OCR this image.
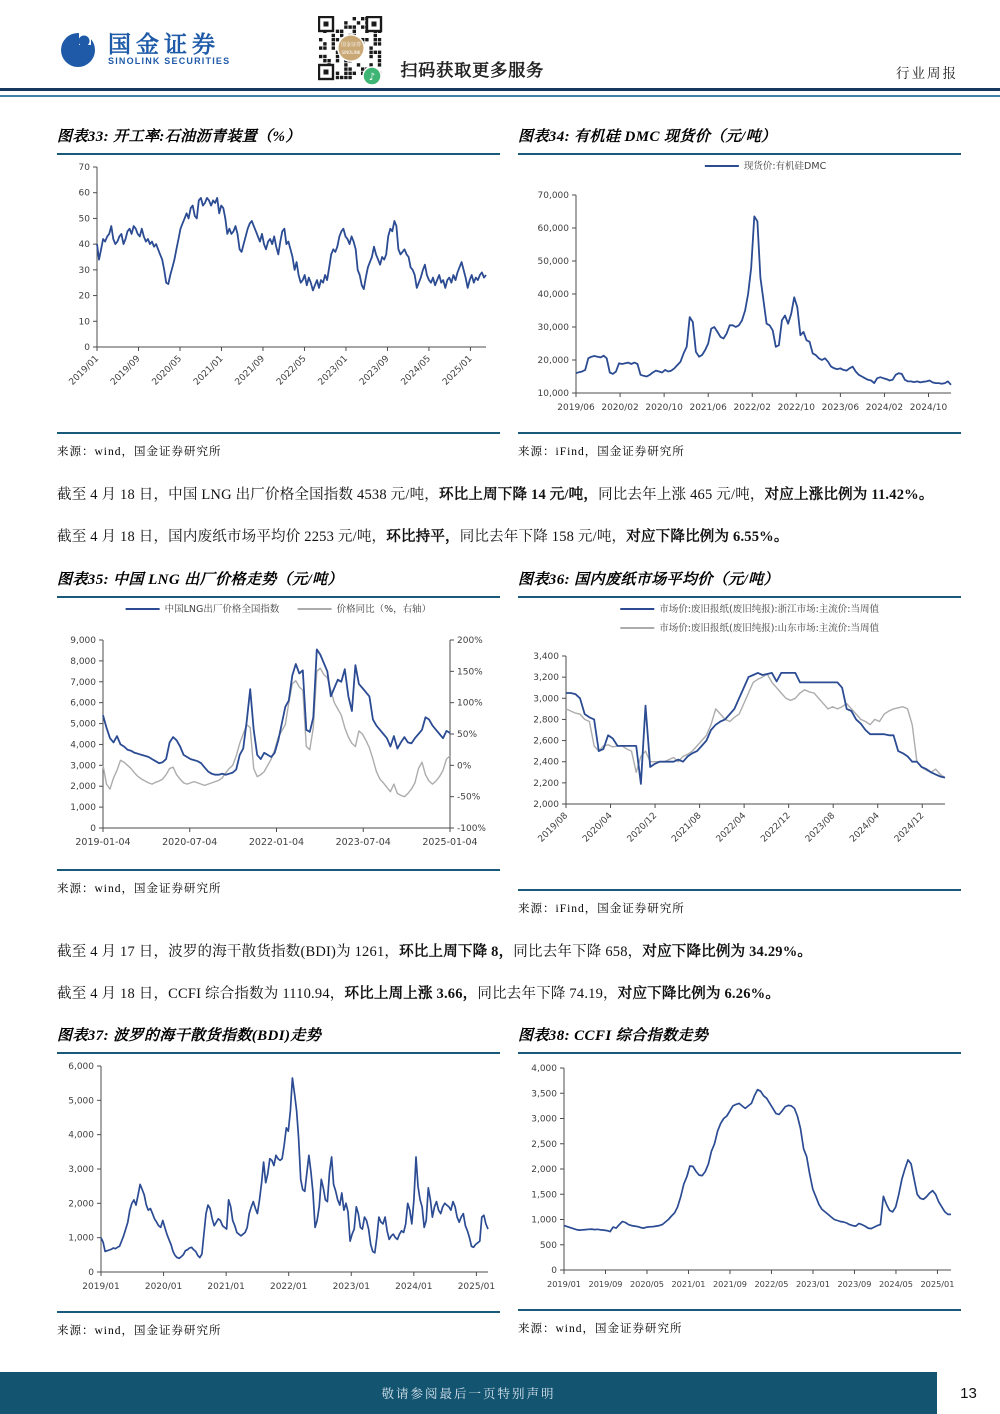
国金证券
SINOLINK SECURITIES
国金证券
SINOLINK
♪ 扫码获取更多服务	行业周报
图表33: 开工率:石油沥青装置（%）
0
10
20
30
40
50
60
70
2019/01 2019/09 2020/05 2021/01 2021/09 2022/05 2023/01 2023/09 2024/05 2025/01
来源：wind，国金证券研究所
图表34: 有机硅 DMC 现货价（元/吨）
现货价:有机硅DMC
10,000
20,000
30,000
40,000
50,000
60,000
70,000
2019/06 2020/02 2020/10 2021/06 2022/02 2022/10 2023/06 2024/02 2024/10
来源：iFind，国金证券研究所
截至 4 月 18 日，中国 LNG 出厂价格全国指数 4538 元/吨，环比上周下降 14 元/吨，同比去年上涨 465 元/吨，对应上涨比例为 11.42%。
截至 4 月 18 日，国内废纸市场平均价 2253 元/吨，环比持平，同比去年下降 158 元/吨，对应下降比例为 6.55%。
图表35: 中国 LNG 出厂价格走势（元/吨）
中国LNG出厂价格全国指数	价格同比（%，右轴）
0
1,000
2,000
3,000
4,000
5,000
6,000
7,000
8,000
9,000
-100%
-50%
0%
50%
100%
150%
200%
2019-01-04	2020-07-04	2022-01-04	2023-07-04	2025-01-04
来源：wind，国金证券研究所
图表36: 国内废纸市场平均价（元/吨）
市场价:废旧报纸(废旧纯报):浙江市场:主流价:当周值
市场价:废旧报纸(废旧纯报):山东市场:主流价:当周值
2,000
2,200
2,400
2,600
2,800
3,000
3,200
3,400
2019/08 2020/04 2020/12 2021/08 2022/04 2022/12 2023/08 2024/04 2024/12
来源：iFind，国金证券研究所
截至 4 月 17 日，波罗的海干散货指数(BDI)为 1261，环比上周下降 8，同比去年下降 658，对应下降比例为 34.29%。
截至 4 月 18 日，CCFI 综合指数为 1110.94，环比上周上涨 3.66，同比去年下降 74.19，对应下降比例为 6.26%。
图表37: 波罗的海干散货指数(BDI)走势
0
1,000
2,000
3,000
4,000
5,000
6,000
2019/01	2020/01	2021/01	2022/01	2023/01	2024/01	2025/01
来源：wind，国金证券研究所
图表38: CCFI 综合指数走势
0
500
1,000
1,500
2,000
2,500
3,000
3,500
4,000
2019/01 2019/09 2020/05 2021/01 2021/09 2022/05 2023/01 2023/09 2024/05 2025/01
来源：wind，国金证券研究所
敬请参阅最后一页特别声明	13
